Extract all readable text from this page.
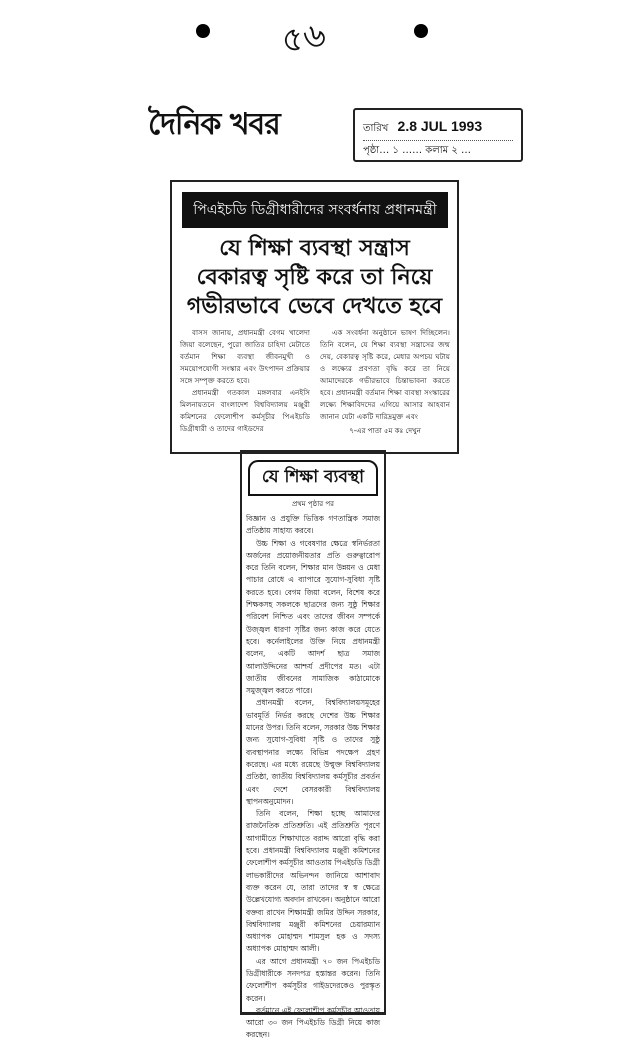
৫৬
দৈনিক খবর	তারিখ 2.8 JUL 1993
পৃষ্ঠা… ১ …… কলাম ২ …
পিএইচডি ডিগ্রীধারীদের সংবর্ধনায় প্রধানমন্ত্রী
যে শিক্ষা ব্যবস্থা সন্ত্রাস
বেকারত্ব সৃষ্টি করে তা নিয়ে
গভীরভাবে ভেবে দেখতে হবে

বাসস জানায়, প্রধানমন্ত্রী বেগম খালেদা জিয়া বলেছেন, পুরো জাতির চাহিদা মেটাতে বর্তমান শিক্ষা ব্যবস্থা জীবনমুখী ও সময়োপযোগী সংস্কার এবং উৎপাদন প্রক্রিয়ার সঙ্গে সম্পৃক্ত করতে হবে।

প্রধানমন্ত্রী গতকাল মঙ্গলবার এনইসি মিলনায়তনে বাংলাদেশ বিশ্ববিদ্যালয় মঞ্জুরী কমিশনের ফেলোশীপ কর্মসূচীর পিএইচডি ডিগ্রীধারী ও তাদের গাইডদের

এক সংবর্ধনা অনুষ্ঠানে ভাষণ দিচ্ছিলেন। তিনি বলেন, যে শিক্ষা ব্যবস্থা সন্ত্রাসের জন্ম দেয়, বেকারত্ব সৃষ্টি করে, মেধার অপচয় ঘটায় ও লক্ষ্যের প্রবণতা বৃদ্ধি করে তা নিয়ে আমাদেরকে গভীরভাবে চিন্তাভাবনা করতে হবে। প্রধানমন্ত্রী বর্তমান শিক্ষা ব্যবস্থা সংস্কারের লক্ষ্যে শিক্ষাবিদদের এগিয়ে আসার আহবান জানান যেটা একটি দারিদ্রমুক্ত এবং

৭-এর পাতা ৫ম কঃ দেখুন
যে শিক্ষা ব্যবস্থা
প্রথম পৃষ্ঠার পর

বিজ্ঞান ও প্রযুক্তি ভিত্তিক গণতান্ত্রিক সমাজ প্রতিষ্ঠায় সাহায্য করবে।

উচ্চ শিক্ষা ও গবেষণার ক্ষেত্রে স্বনির্ভরতা অর্জনের প্রয়োজনীয়তার প্রতি গুরুত্বারোপ করে তিনি বলেন, শিক্ষার মান উন্নয়ন ও মেধা পাচার রোধে এ ব্যাপারে সুযোগ-সুবিধা সৃষ্টি করতে হবে। বেগম জিয়া বলেন, বিশেষ করে শিক্ষকসহ সকলকে ছাত্রদের জন্য সুষ্ঠু শিক্ষার পরিবেশ নিশ্চিত এবং তাদের জীবন সম্পর্কে উজ্জ্বল ধারণা সৃষ্টির জন্য কাজ করে যেতে হবে। কর্নেলাইলের উক্তি নিয়ে প্রধানমন্ত্রী বলেন, একটি আদর্শ ছাত্র সমাজ আলাউদ্দিনের আশ্চর্য প্রদীপের মত। এটা জাতীয় জীবনের সামাজিক কাঠামোকে সমুজ্জ্বল করতে পারে।

প্রধানমন্ত্রী বলেন, বিশ্ববিদ্যালয়সমূহের ভাবমূর্তি নির্ভর করছে দেশের উচ্চ শিক্ষার মানের উপর। তিনি বলেন, সরকার উচ্চ শিক্ষার জন্য সুযোগ-সুবিধা সৃষ্টি ও তাদের সুষ্ঠু ব্যবস্থাপনার লক্ষ্যে বিভিন্ন পদক্ষেপ গ্রহণ করেছে। এর মধ্যে রয়েছে উন্মুক্ত বিশ্ববিদ্যালয় প্রতিষ্ঠা, জাতীয় বিশ্ববিদ্যালয় কর্মসূচীর প্রবর্তন এবং দেশে বেসরকারী বিশ্ববিদ্যালয় স্থাপনঅনুমোদন।

তিনি বলেন, শিক্ষা হচ্ছে আমাদের রাজনৈতিক প্রতিশ্রুতি। এই প্রতিশ্রুতি পূরণে আগামীতে শিক্ষাখাতে বরাদ্দ আরো বৃদ্ধি করা হবে। প্রধানমন্ত্রী বিশ্ববিদ্যালয় মঞ্জুরী কমিশনের ফেলোশীপ কর্মসূচীর আওতায় পিএইচডি ডিগ্রী লাভকারীদের অভিনন্দন জানিয়ে আশাবাদ ব্যক্ত করেন যে, তারা তাদের স্ব স্ব ক্ষেত্রে উল্লেখযোগ্য অবদান রাখবেন। অনুষ্ঠানে আরো বক্তব্য রাখেন শিক্ষামন্ত্রী জমির উদ্দিন সরকার, বিশ্ববিদ্যালয় মঞ্জুরী কমিশনের চেয়ারম্যান অধ্যাপক মোহাম্মদ শামসুল হক ও সদস্য অধ্যাপক মোহাম্মদ আলী।

এর আগে প্রধানমন্ত্রী ৭০ জন পিএইচডি ডিগ্রীধারীকে সনদপত্র হস্তান্তর করেন। তিনি ফেলোশীপ কর্মসূচীর গাইডদেরকেও পুরস্কৃত করেন।

বর্তমানে এই ফেলোশীপ কর্মসূচীর আওতায় আরো ৩০ জন পিএইচডি ডিগ্রী নিয়ে কাজ করছেন।
